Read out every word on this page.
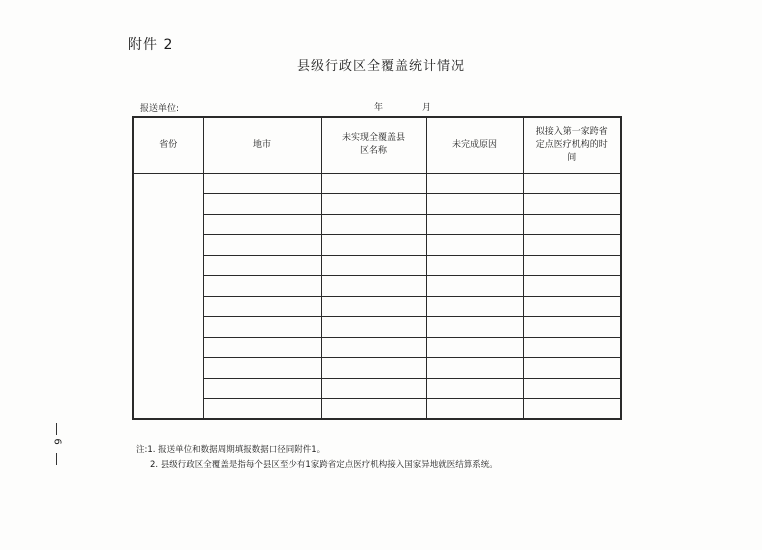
附件 2
县级行政区全覆盖统计情况
报送单位:	年	月
省份	地市	未实现全覆盖县区名称	未完成原因	拟接入第一家跨省定点医疗机构的时间

注:1. 报送单位和数据周期填报数据口径同附件1。
2. 县级行政区全覆盖是指每个县区至少有1家跨省定点医疗机构接入国家异地就医结算系统。
6
